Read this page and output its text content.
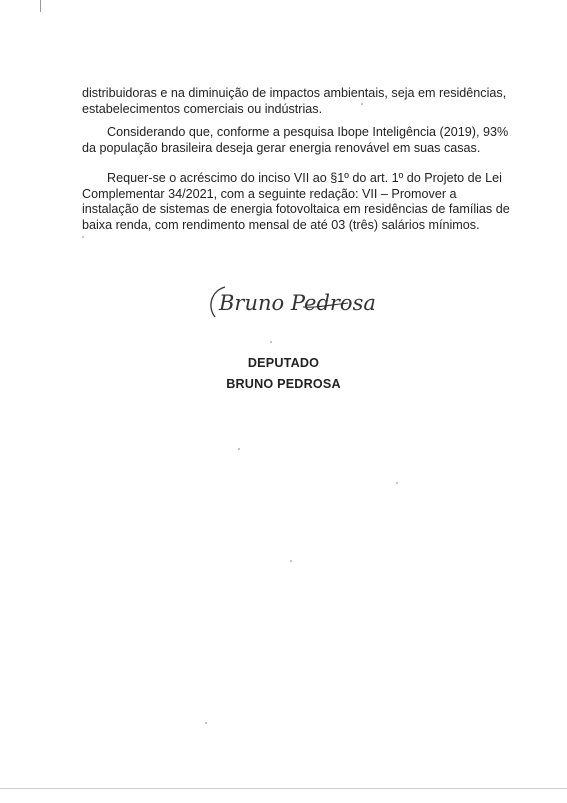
distribuidoras e na diminuição de impactos ambientais, seja em residências,
estabelecimentos comerciais ou indústrias.
Considerando que, conforme a pesquisa Ibope Inteligência (2019), 93%
da população brasileira deseja gerar energia renovável em suas casas.
Requer-se o acréscimo do inciso VII ao §1º do art. 1º do Projeto de Lei
Complementar 34/2021, com a seguinte redação: VII – Promover a
instalação de sistemas de energia fotovoltaica em residências de famílias de
baixa renda, com rendimento mensal de até 03 (três) salários mínimos.
Bruno Pedrosa
DEPUTADO
BRUNO PEDROSA
